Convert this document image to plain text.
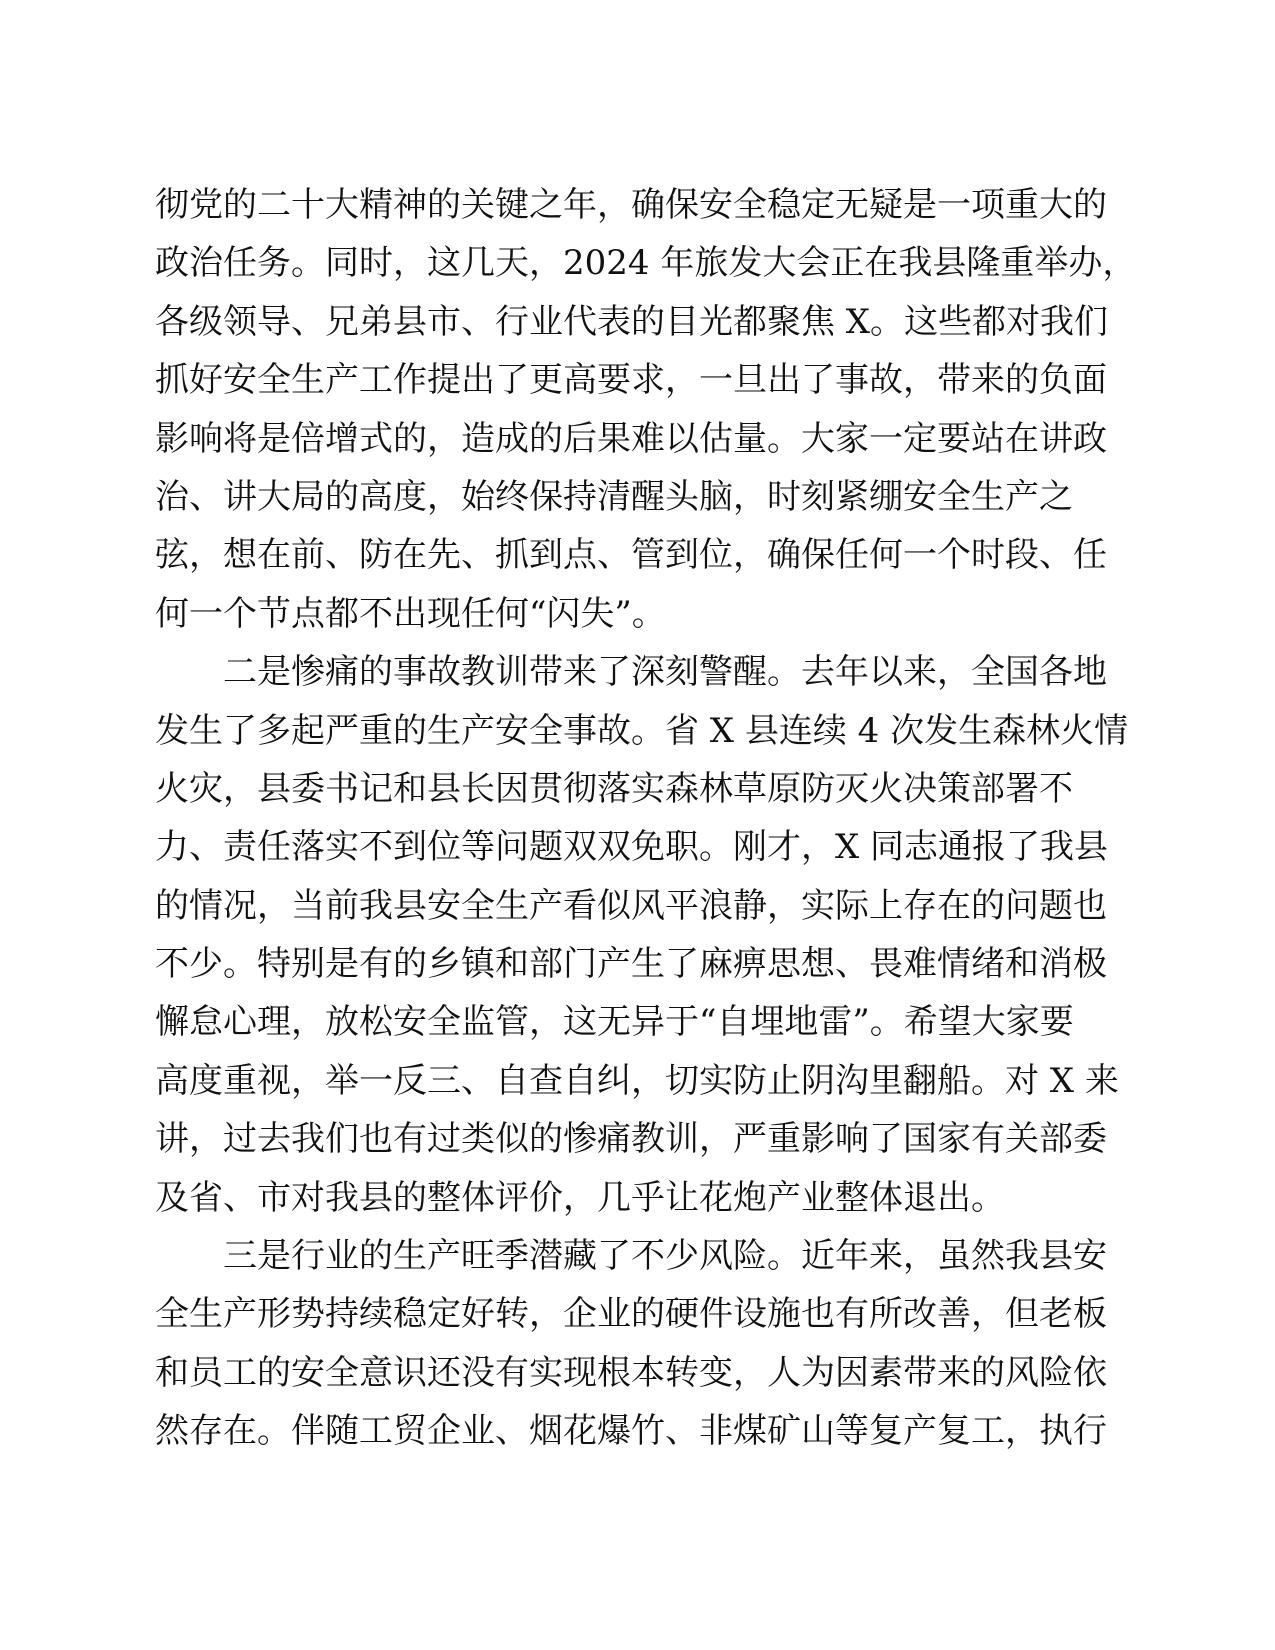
彻党的二十大精神的关键之年，确保安全稳定无疑是一项重大的
政治任务。同时，这几天，2024 年旅发大会正在我县隆重举办，
各级领导、兄弟县市、行业代表的目光都聚焦 X。这些都对我们
抓好安全生产工作提出了更高要求，一旦出了事故，带来的负面
影响将是倍增式的，造成的后果难以估量。大家一定要站在讲政
治、讲大局的高度，始终保持清醒头脑，时刻紧绷安全生产之
弦，想在前、防在先、抓到点、管到位，确保任何一个时段、任
何一个节点都不出现任何“闪失”。
二是惨痛的事故教训带来了深刻警醒。去年以来，全国各地
发生了多起严重的生产安全事故。省 X 县连续 4 次发生森林火情
火灾，县委书记和县长因贯彻落实森林草原防灭火决策部署不
力、责任落实不到位等问题双双免职。刚才，X 同志通报了我县
的情况，当前我县安全生产看似风平浪静，实际上存在的问题也
不少。特别是有的乡镇和部门产生了麻痹思想、畏难情绪和消极
懈怠心理，放松安全监管，这无异于“自埋地雷”。希望大家要
高度重视，举一反三、自查自纠，切实防止阴沟里翻船。对 X 来
讲，过去我们也有过类似的惨痛教训，严重影响了国家有关部委
及省、市对我县的整体评价，几乎让花炮产业整体退出。
三是行业的生产旺季潜藏了不少风险。近年来，虽然我县安
全生产形势持续稳定好转，企业的硬件设施也有所改善，但老板
和员工的安全意识还没有实现根本转变，人为因素带来的风险依
然存在。伴随工贸企业、烟花爆竹、非煤矿山等复产复工，执行
